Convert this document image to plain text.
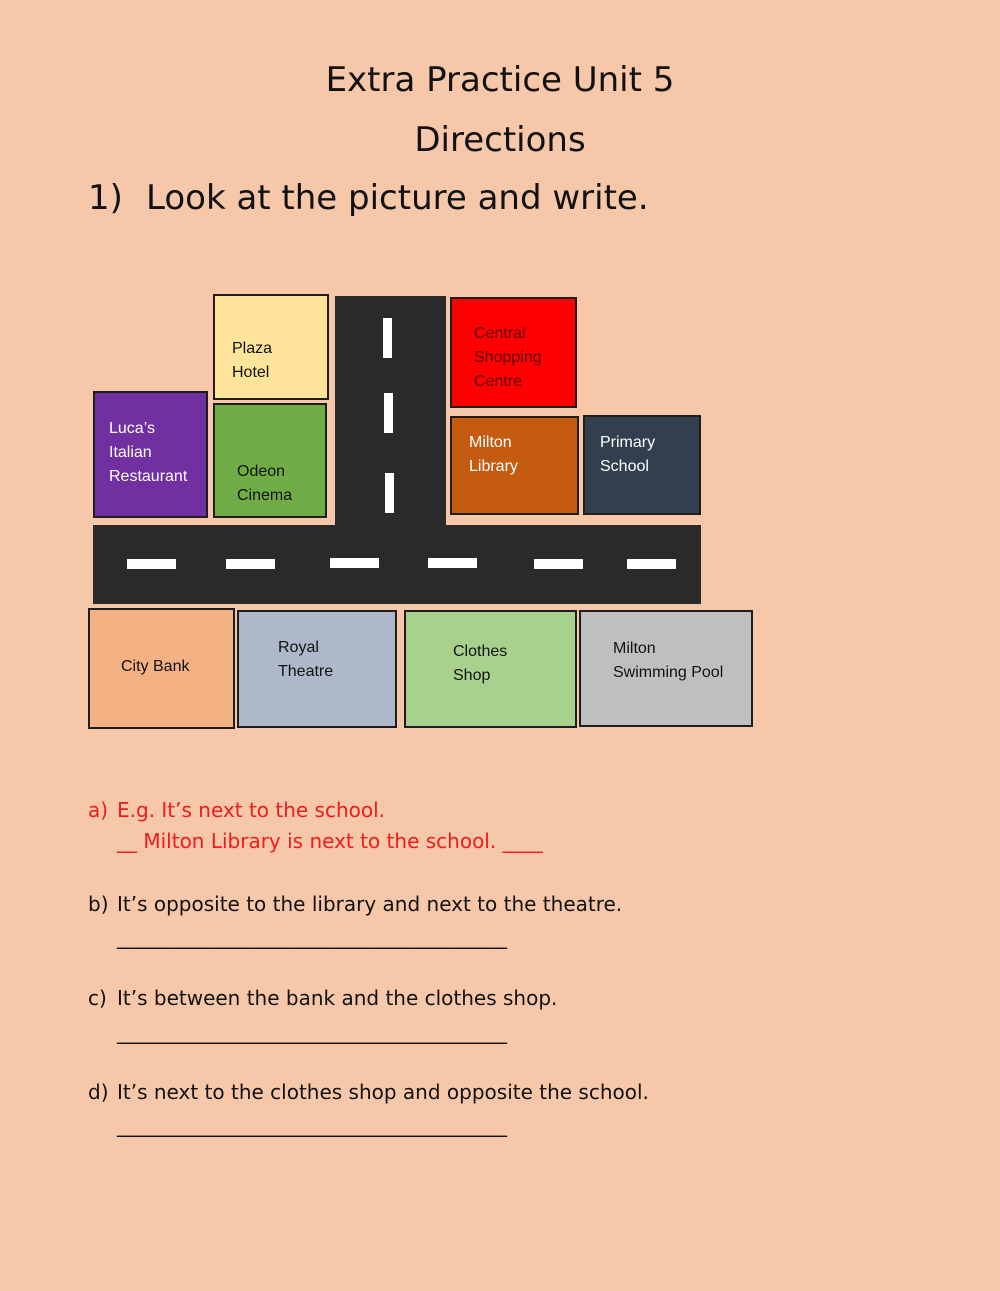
Extra Practice Unit 5
Directions
1) Look at the picture and write.
Plaza
Hotel
Luca’s
Italian
Restaurant	Odeon
Cinema
Central
Shopping
Centre
Milton
Library
Primary
School
City Bank
Royal
Theatre
Clothes
Shop
Milton
Swimming Pool
a) E.g. It’s next to the school.
__ Milton Library is next to the school. ____
b) It’s opposite to the library and next to the theatre.
_______________________________________
c) It’s between the bank and the clothes shop.
_______________________________________
d) It’s next to the clothes shop and opposite the school.
_______________________________________
